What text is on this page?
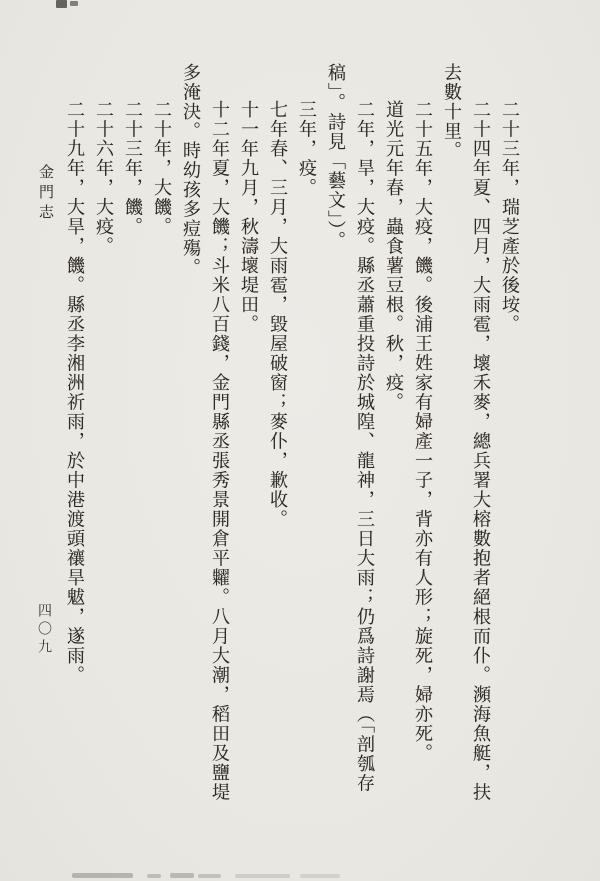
二十三年，瑞芝產於後垵。

二十四年夏、四月，大雨雹，壞禾麥，總兵署大榕數抱者絕根而仆。瀕海魚艇，扶去數十里。

二十五年，大疫，饑。後浦王姓家有婦產一子，背亦有人形；旋死，婦亦死。

道光元年春，蟲食薯豆根。秋，疫。

二年，旱，大疫。縣丞蕭重投詩於城隍、龍神，三日大雨；仍爲詩謝焉（「剖瓠存稿」。詩見「藝文」）。

三年，疫。

七年春、三月，大雨雹，毀屋破窗；麥仆，歉收。

十一年九月，秋濤壞堤田。

十二年夏，大饑；斗米八百錢，金門縣丞張秀景開倉平糶。八月大潮，稻田及鹽堤多淹決。時幼孩多痘殤。

二十年，大饑。

二十三年，饑。

二十六年，大疫。

二十九年，大旱，饑。縣丞李湘洲祈雨，於中港渡頭禳旱魃，遂雨。

金門志
四〇九
